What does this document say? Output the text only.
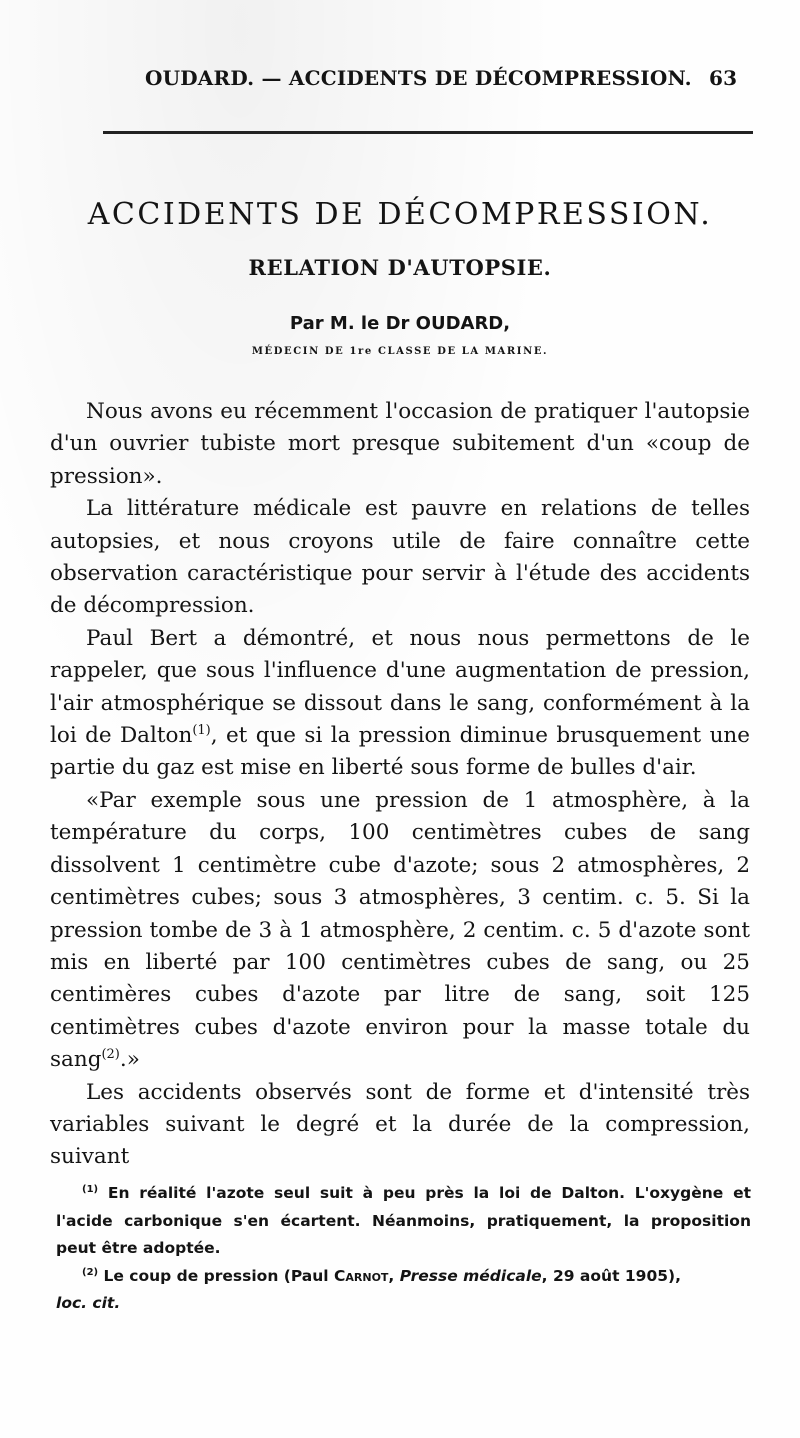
OUDARD. — ACCIDENTS DE DÉCOMPRESSION. 63
ACCIDENTS DE DÉCOMPRESSION.
RELATION D'AUTOPSIE.
Par M. le Dr OUDARD,
MÉDECIN DE 1re CLASSE DE LA MARINE.

Nous avons eu récemment l'occasion de pratiquer l'autopsie d'un ouvrier tubiste mort presque subitement d'un «coup de pression».

La littérature médicale est pauvre en relations de telles autopsies, et nous croyons utile de faire connaître cette observation caractéristique pour servir à l'étude des accidents de décompression.

Paul Bert a démontré, et nous nous permettons de le rappeler, que sous l'influence d'une augmentation de pression, l'air atmosphérique se dissout dans le sang, conformément à la loi de Dalton$^{(1)}$, et que si la pression diminue brusquement une partie du gaz est mise en liberté sous forme de bulles d'air.

«Par exemple sous une pression de 1 atmosphère, à la température du corps, 100 centimètres cubes de sang dissolvent 1 centimètre cube d'azote; sous 2 atmosphères, 2 centimètres cubes; sous 3 atmosphères, 3 centim. c. 5. Si la pression tombe de 3 à 1 atmosphère, 2 centim. c. 5 d'azote sont mis en liberté par 100 centimètres cubes de sang, ou 25 centimères cubes d'azote par litre de sang, soit 125 centimètres cubes d'azote environ pour la masse totale du sang$^{(2)}$.»

Les accidents observés sont de forme et d'intensité très variables suivant le degré et la durée de la compression, suivant

$^{(1)}$ En réalité l'azote seul suit à peu près la loi de Dalton. L'oxygène et l'acide carbonique s'en écartent. Néanmoins, pratiquement, la proposition peut être adoptée.

$^{(2)}$ Le coup de pression (Paul Carnot, Presse médicale, 29 août 1905),
loc. cit.
